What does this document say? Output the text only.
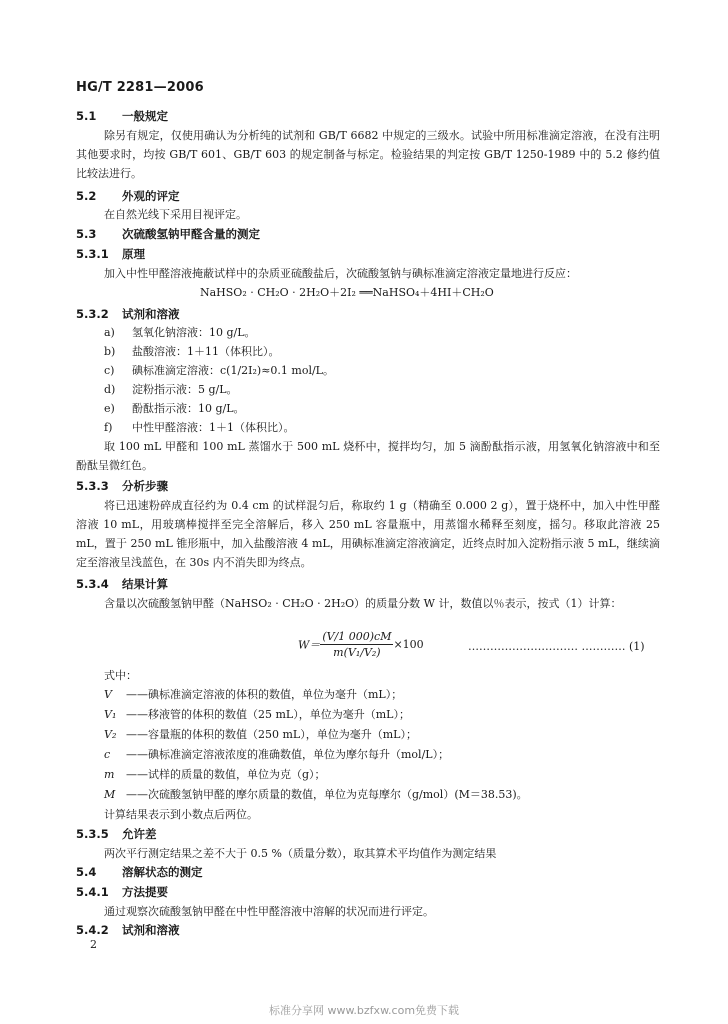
HG/T 2281—2006
5.1 一般规定
除另有规定，仅使用确认为分析纯的试剂和 GB/T 6682 中规定的三级水。试验中所用标准滴定溶液，在没有注明其他要求时，均按 GB/T 601、GB/T 603 的规定制备与标定。检验结果的判定按 GB/T 1250-1989 中的 5.2 修约值比较法进行。
5.2 外观的评定
在自然光线下采用目视评定。
5.3 次硫酸氢钠甲醛含量的测定
5.3.1 原理
加入中性甲醛溶液掩蔽试样中的杂质亚硫酸盐后，次硫酸氢钠与碘标准滴定溶液定量地进行反应：
NaHSO₂ · CH₂O · 2H₂O＋2I₂ ══NaHSO₄＋4HI＋CH₂O
5.3.2 试剂和溶液
a) 氢氧化钠溶液：10 g/L。
b) 盐酸溶液：1＋11（体积比）。
c) 碘标准滴定溶液：c(1/2I₂)≈0.1 mol/L。
d) 淀粉指示液：5 g/L。
e) 酚酞指示液：10 g/L。
f) 中性甲醛溶液：1＋1（体积比）。
取 100 mL 甲醛和 100 mL 蒸馏水于 500 mL 烧杯中，搅拌均匀，加 5 滴酚酞指示液，用氢氧化钠溶液中和至酚酞呈微红色。
5.3.3 分析步骤
将已迅速粉碎成直径约为 0.4 cm 的试样混匀后，称取约 1 g（精确至 0.000 2 g），置于烧杯中，加入中性甲醛溶液 10 mL，用玻璃棒搅拌至完全溶解后，移入 250 mL 容量瓶中，用蒸馏水稀释至刻度，摇匀。移取此溶液 25 mL，置于 250 mL 锥形瓶中，加入盐酸溶液 4 mL，用碘标准滴定溶液滴定，近终点时加入淀粉指示液 5 mL，继续滴定至溶液呈浅蓝色，在 30s 内不消失即为终点。
5.3.4 结果计算
含量以次硫酸氢钠甲醛（NaHSO₂ · CH₂O · 2H₂O）的质量分数 W 计，数值以％表示，按式（1）计算：
$W= \frac{(V/1 000)cM}{\text{m(V₁/V₂)}} \times 100$	………………………… ………… (1)
式中：
V ——碘标准滴定溶液的体积的数值，单位为毫升（mL）；
V₁ ——移液管的体积的数值（25 mL），单位为毫升（mL）；
V₂ ——容量瓶的体积的数值（250 mL），单位为毫升（mL）；
c ——碘标准滴定溶液浓度的准确数值，单位为摩尔每升（mol/L）；
m ——试样的质量的数值，单位为克（g）；
M ——次硫酸氢钠甲醛的摩尔质量的数值，单位为克每摩尔（g/mol）(M＝38.53)。
计算结果表示到小数点后两位。
5.3.5 允许差
两次平行测定结果之差不大于 0.5 %（质量分数），取其算术平均值作为测定结果
5.4 溶解状态的测定
5.4.1 方法提要
通过观察次硫酸氢钠甲醛在中性甲醛溶液中溶解的状况而进行评定。
5.4.2 试剂和溶液
2
标准分享网 www.bzfxw.com免费下载
